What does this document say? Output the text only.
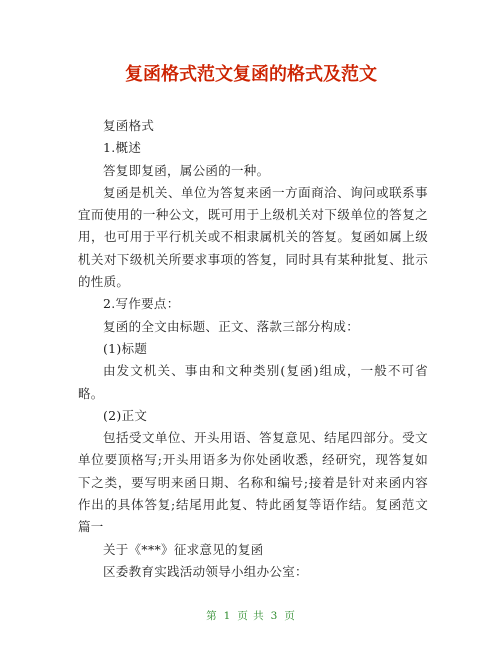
复函格式范文复函的格式及范文

复函格式

1.概述

答复即复函，属公函的一种。

复函是机关、单位为答复来函一方面商洽、询问或联系事宜而使用的一种公文，既可用于上级机关对下级单位的答复之用，也可用于平行机关或不相隶属机关的答复。复函如属上级机关对下级机关所要求事项的答复，同时具有某种批复、批示的性质。

2.写作要点：

复函的全文由标题、正文、落款三部分构成：

(1)标题

由发文机关、事由和文种类别(复函)组成，一般不可省略。

(2)正文

包括受文单位、开头用语、答复意见、结尾四部分。受文单位要顶格写;开头用语多为你处函收悉，经研究，现答复如下之类，要写明来函日期、名称和编号;接着是针对来函内容作出的具体答复;结尾用此复、特此函复等语作结。复函范文篇一

关于《***》征求意见的复函

区委教育实践活动领导小组办公室：

第 1 页 共 3 页
